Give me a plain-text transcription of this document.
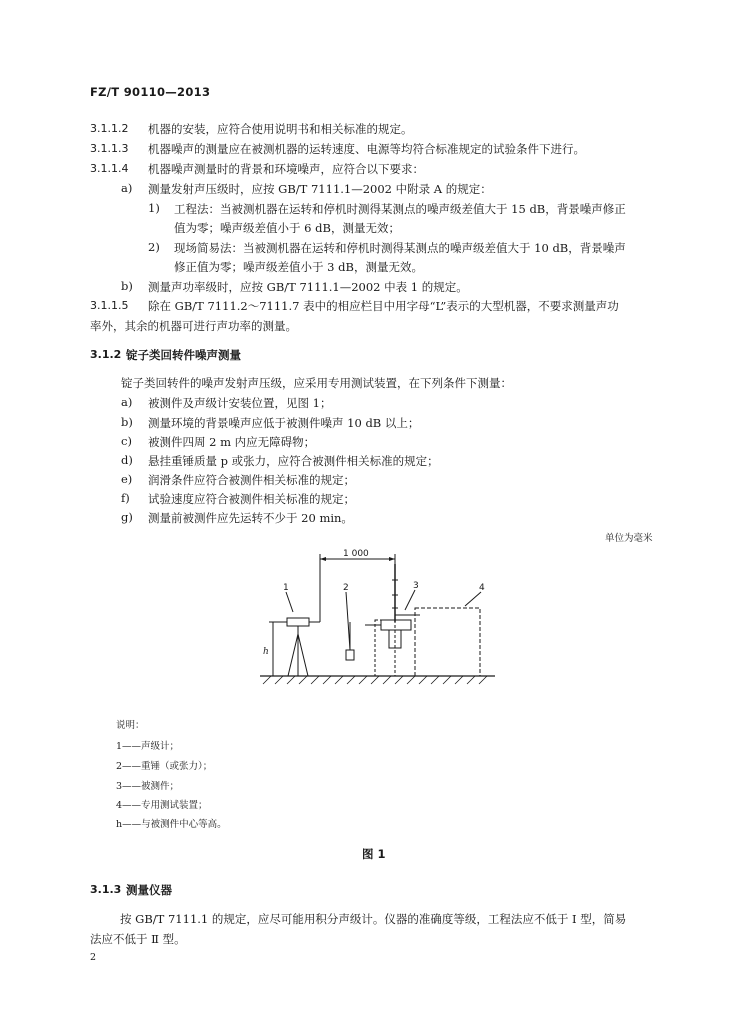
FZ/T 90110—2013
3.1.1.2 机器的安装，应符合使用说明书和相关标准的规定。
3.1.1.3 机器噪声的测量应在被测机器的运转速度、电源等均符合标准规定的试验条件下进行。
3.1.1.4 机器噪声测量时的背景和环境噪声，应符合以下要求：
a) 测量发射声压级时，应按 GB/T 7111.1—2002 中附录 A 的规定：
1) 工程法：当被测机器在运转和停机时测得某测点的噪声级差值大于 15 dB，背景噪声修正
值为零；噪声级差值小于 6 dB，测量无效；
2) 现场简易法：当被测机器在运转和停机时测得某测点的噪声级差值大于 10 dB，背景噪声
修正值为零；噪声级差值小于 3 dB，测量无效。
b) 测量声功率级时，应按 GB/T 7111.1—2002 中表 1 的规定。
3.1.1.5 除在 GB/T 7111.2～7111.7 表中的相应栏目中用字母“L”表示的大型机器，不要求测量声功
率外，其余的机器可进行声功率的测量。
3.1.2 锭子类回转件噪声测量
锭子类回转件的噪声发射声压级，应采用专用测试装置，在下列条件下测量：
a) 被测件及声级计安装位置，见图 1；
b) 测量环境的背景噪声应低于被测件噪声 10 dB 以上；
c) 被测件四周 2 m 内应无障碍物；
d) 悬挂重锤质量 p 或张力，应符合被测件相关标准的规定；
e) 润滑条件应符合被测件相关标准的规定；
f) 试验速度应符合被测件相关标准的规定；
g) 测量前被测件应先运转不少于 20 min。
单位为毫米
1 000
1	2	3	4
h
说明：
1——声级计；
2——重锤（或张力）；
3——被测件；
4——专用测试装置；
h——与被测件中心等高。
图 1
3.1.3 测量仪器
按 GB/T 7111.1 的规定，应尽可能用积分声级计。仪器的准确度等级，工程法应不低于 Ⅰ 型，简易
法应不低于 Ⅱ 型。
2
